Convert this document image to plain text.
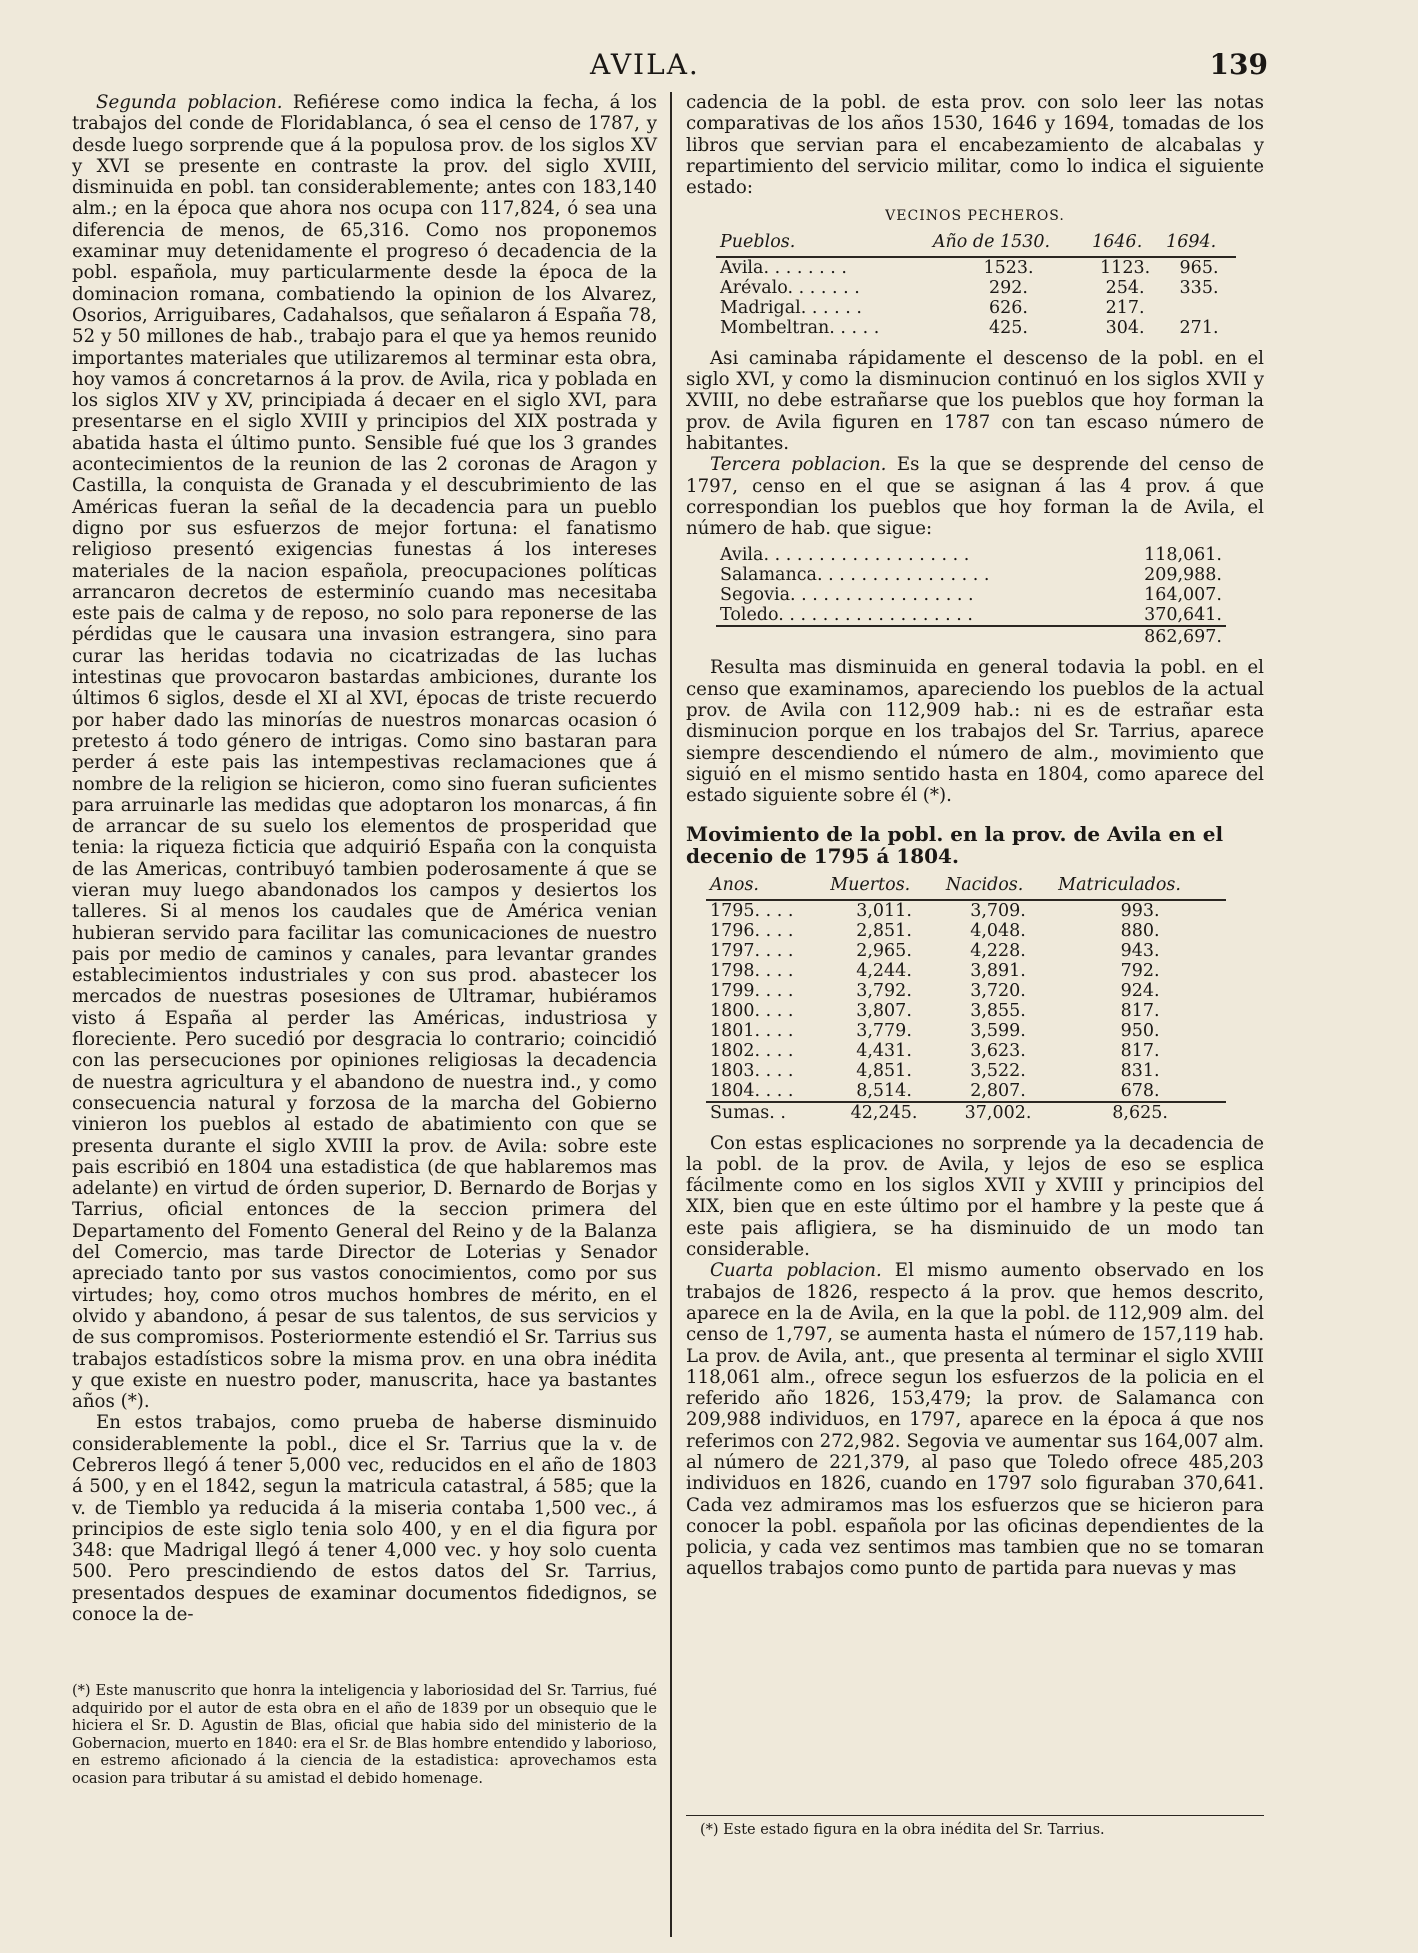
AVILA.	139

Segunda poblacion. Refiérese como indica la fecha, á los trabajos del conde de Floridablanca, ó sea el censo de 1787, y desde luego sorprende que á la populosa prov. de los siglos XV y XVI se presente en contraste la prov. del siglo XVIII, disminuida en pobl. tan considerablemente; antes con 183,140 alm.; en la época que ahora nos ocupa con 117,824, ó sea una diferencia de menos, de 65,316. Como nos proponemos examinar muy detenidamente el progreso ó decadencia de la pobl. española, muy particularmente desde la época de la dominacion romana, combatiendo la opinion de los Alvarez, Osorios, Arriguibares, Cadahalsos, que señalaron á España 78, 52 y 50 millones de hab., trabajo para el que ya hemos reunido importantes materiales que utilizaremos al terminar esta obra, hoy vamos á concretarnos á la prov. de Avila, rica y poblada en los siglos XIV y XV, principiada á decaer en el siglo XVI, para presentarse en el siglo XVIII y principios del XIX postrada y abatida hasta el último punto. Sensible fué que los 3 grandes acontecimientos de la reunion de las 2 coronas de Aragon y Castilla, la conquista de Granada y el descubrimiento de las Américas fueran la señal de la decadencia para un pueblo digno por sus esfuerzos de mejor fortuna: el fanatismo religioso presentó exigencias funestas á los intereses materiales de la nacion española, preocupaciones políticas arrancaron decretos de esterminío cuando mas necesitaba este pais de calma y de reposo, no solo para reponerse de las pérdidas que le causara una invasion estrangera, sino para curar las heridas todavia no cicatrizadas de las luchas intestinas que provocaron bastardas ambiciones, durante los últimos 6 siglos, desde el XI al XVI, épocas de triste recuerdo por haber dado las minorías de nuestros monarcas ocasion ó pretesto á todo género de intrigas. Como sino bastaran para perder á este pais las intempestivas reclamaciones que á nombre de la religion se hicieron, como sino fueran suficientes para arruinarle las medidas que adoptaron los monarcas, á fin de arrancar de su suelo los elementos de prosperidad que tenia: la riqueza ficticia que adquirió España con la conquista de las Americas, contribuyó tambien poderosamente á que se vieran muy luego abandonados los campos y desiertos los talleres. Si al menos los caudales que de América venian hubieran servido para facilitar las comunicaciones de nuestro pais por medio de caminos y canales, para levantar grandes establecimientos industriales y con sus prod. abastecer los mercados de nuestras posesiones de Ultramar, hubiéramos visto á España al perder las Américas, industriosa y floreciente. Pero sucedió por desgracia lo contrario; coincidió con las persecuciones por opiniones religiosas la decadencia de nuestra agricultura y el abandono de nuestra ind., y como consecuencia natural y forzosa de la marcha del Gobierno vinieron los pueblos al estado de abatimiento con que se presenta durante el siglo XVIII la prov. de Avila: sobre este pais escribió en 1804 una estadistica (de que hablaremos mas adelante) en virtud de órden superior, D. Bernardo de Borjas y Tarrius, oficial entonces de la seccion primera del Departamento del Fomento General del Reino y de la Balanza del Comercio, mas tarde Director de Loterias y Senador apreciado tanto por sus vastos conocimientos, como por sus virtudes; hoy, como otros muchos hombres de mérito, en el olvido y abandono, á pesar de sus talentos, de sus servicios y de sus compromisos. Posteriormente estendió el Sr. Tarrius sus trabajos estadísticos sobre la misma prov. en una obra inédita y que existe en nuestro poder, manuscrita, hace ya bastantes años (*).

En estos trabajos, como prueba de haberse disminuido considerablemente la pobl., dice el Sr. Tarrius que la v. de Cebreros llegó á tener 5,000 vec, reducidos en el año de 1803 á 500, y en el 1842, segun la matricula catastral, á 585; que la v. de Tiemblo ya reducida á la miseria contaba 1,500 vec., á principios de este siglo tenia solo 400, y en el dia figura por 348: que Madrigal llegó á tener 4,000 vec. y hoy solo cuenta 500. Pero prescindiendo de estos datos del Sr. Tarrius, presentados despues de examinar documentos fidedignos, se conoce la de-

(*) Este manuscrito que honra la inteligencia y laboriosidad del Sr. Tarrius, fué adquirido por el autor de esta obra en el año de 1839 por un obsequio que le hiciera el Sr. D. Agustin de Blas, oficial que habia sido del ministerio de la Gobernacion, muerto en 1840: era el Sr. de Blas hombre entendido y laborioso, en estremo aficionado á la ciencia de la estadistica: aprovechamos esta ocasion para tributar á su amistad el debido homenage.

cadencia de la pobl. de esta prov. con solo leer las notas comparativas de los años 1530, 1646 y 1694, tomadas de los libros que servian para el encabezamiento de alcabalas y repartimiento del servicio militar, como lo indica el siguiente estado:

VECINOS PECHEROS.
Pueblos.	Año de 1530.	1646.	1694.
Avila. . . . . . . .	1523.	1123.	965.
Arévalo. . . . . . .	292.	254.	335.
Madrigal. . . . . .	626.	217.	
Mombeltran. . . . .	425.	304.	271.

Asi caminaba rápidamente el descenso de la pobl. en el siglo XVI, y como la disminucion continuó en los siglos XVII y XVIII, no debe estrañarse que los pueblos que hoy forman la prov. de Avila figuren en 1787 con tan escaso número de habitantes.

Tercera poblacion. Es la que se desprende del censo de 1797, censo en el que se asignan á las 4 prov. á que correspondian los pueblos que hoy forman la de Avila, el número de hab. que sigue:

Avila. . . . . . . . . . . . . . . . . . .	118,061.
Salamanca. . . . . . . . . . . . . . . .	209,988.
Segovia. . . . . . . . . . . . . . . . .	164,007.
Toledo. . . . . . . . . . . . . . . . . .	370,641.
	862,697.

Resulta mas disminuida en general todavia la pobl. en el censo que examinamos, apareciendo los pueblos de la actual prov. de Avila con 112,909 hab.: ni es de estrañar esta disminucion porque en los trabajos del Sr. Tarrius, aparece siempre descendiendo el número de alm., movimiento que siguió en el mismo sentido hasta en 1804, como aparece del estado siguiente sobre él (*).

Movimiento de la pobl. en la prov. de Avila en el decenio de 1795 á 1804.
Anos.	Muertos.	Nacidos.	Matriculados.
1795. . . .	3,011.	3,709.	993.
1796. . . .	2,851.	4,048.	880.
1797. . . .	2,965.	4,228.	943.
1798. . . .	4,244.	3,891.	792.
1799. . . .	3,792.	3,720.	924.
1800. . . .	3,807.	3,855.	817.
1801. . . .	3,779.	3,599.	950.
1802. . . .	4,431.	3,623.	817.
1803. . . .	4,851.	3,522.	831.
1804. . . .	8,514.	2,807.	678.
Sumas. .	42,245.	37,002.	8,625.

Con estas esplicaciones no sorprende ya la decadencia de la pobl. de la prov. de Avila, y lejos de eso se esplica fácilmente como en los siglos XVII y XVIII y principios del XIX, bien que en este último por el hambre y la peste que á este pais afligiera, se ha disminuido de un modo tan considerable.

Cuarta poblacion. El mismo aumento observado en los trabajos de 1826, respecto á la prov. que hemos descrito, aparece en la de Avila, en la que la pobl. de 112,909 alm. del censo de 1,797, se aumenta hasta el número de 157,119 hab. La prov. de Avila, ant., que presenta al terminar el siglo XVIII 118,061 alm., ofrece segun los esfuerzos de la policia en el referido año 1826, 153,479; la prov. de Salamanca con 209,988 individuos, en 1797, aparece en la época á que nos referimos con 272,982. Segovia ve aumentar sus 164,007 alm. al número de 221,379, al paso que Toledo ofrece 485,203 individuos en 1826, cuando en 1797 solo figuraban 370,641. Cada vez admiramos mas los esfuerzos que se hicieron para conocer la pobl. española por las oficinas dependientes de la policia, y cada vez sentimos mas tambien que no se tomaran aquellos trabajos como punto de partida para nuevas y mas

(*) Este estado figura en la obra inédita del Sr. Tarrius.
